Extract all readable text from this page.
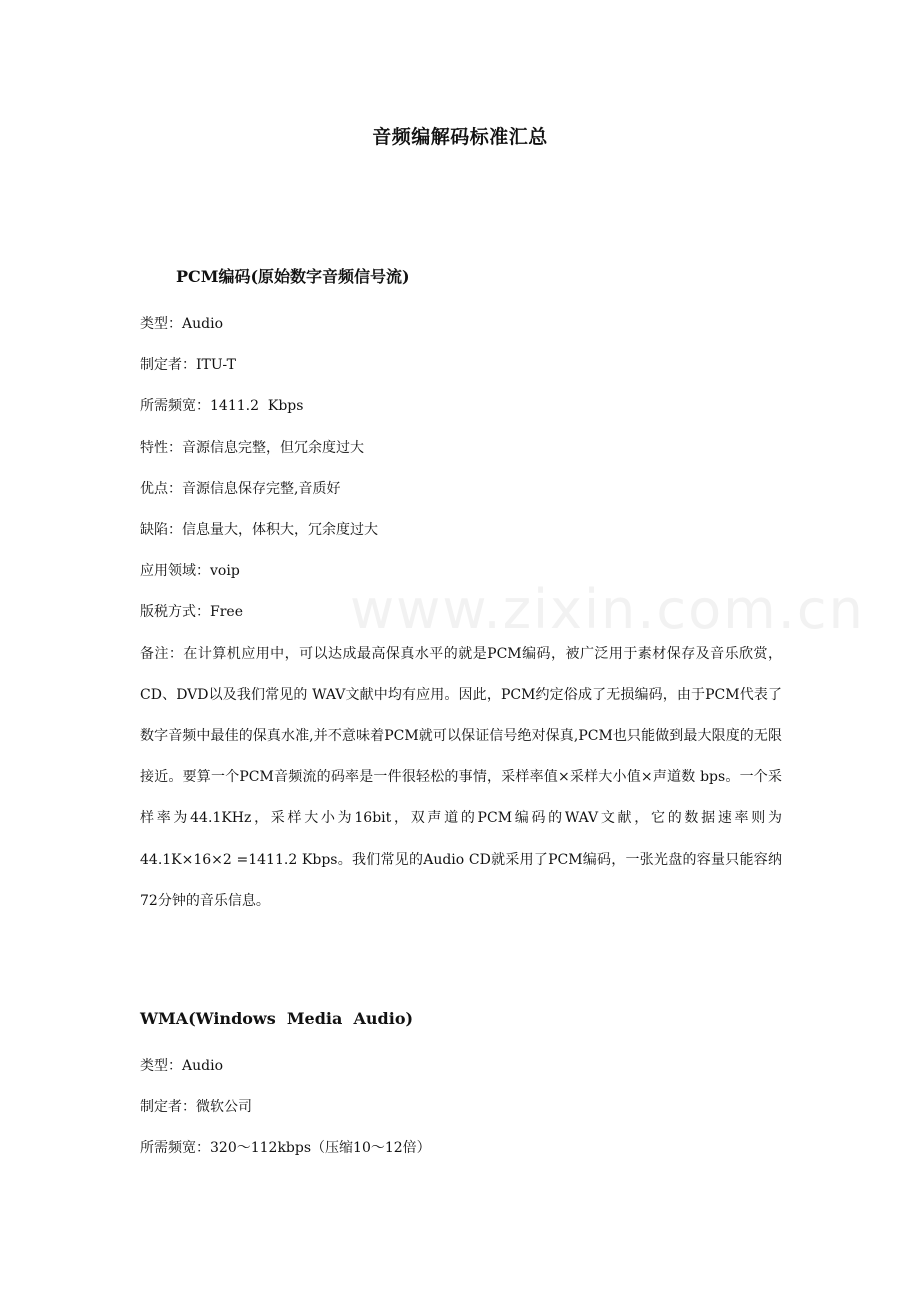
www.zixin.com.cn
音频编解码标准汇总
PCM编码(原始数字音频信号流)
类型：Audio
制定者：ITU-T
所需频宽：1411.2  Kbps
特性：音源信息完整，但冗余度过大
优点：音源信息保存完整,音质好
缺陷：信息量大，体积大，冗余度过大
应用领域：voip
版税方式：Free
备注：在计算机应用中，可以达成最高保真水平的就是PCM编码，被广泛用于素材保存及音乐欣赏，CD、DVD以及我们常见的 WAV文献中均有应用。因此，PCM约定俗成了无损编码，由于PCM代表了数字音频中最佳的保真水准,并不意味着PCM就可以保证信号绝对保真,PCM也只能做到最大限度的无限接近。要算一个PCM音频流的码率是一件很轻松的事情，采样率值×采样大小值×声道数 bps。一个采样率为44.1KHz，采样大小为16bit，双声道的PCM编码的WAV文献，它的数据速率则为 44.1K×16×2 =1411.2 Kbps。我们常见的Audio CD就采用了PCM编码，一张光盘的容量只能容纳72分钟的音乐信息。
WMA(Windows  Media  Audio)
类型：Audio
制定者：微软公司
所需频宽：320～112kbps（压缩10～12倍）
